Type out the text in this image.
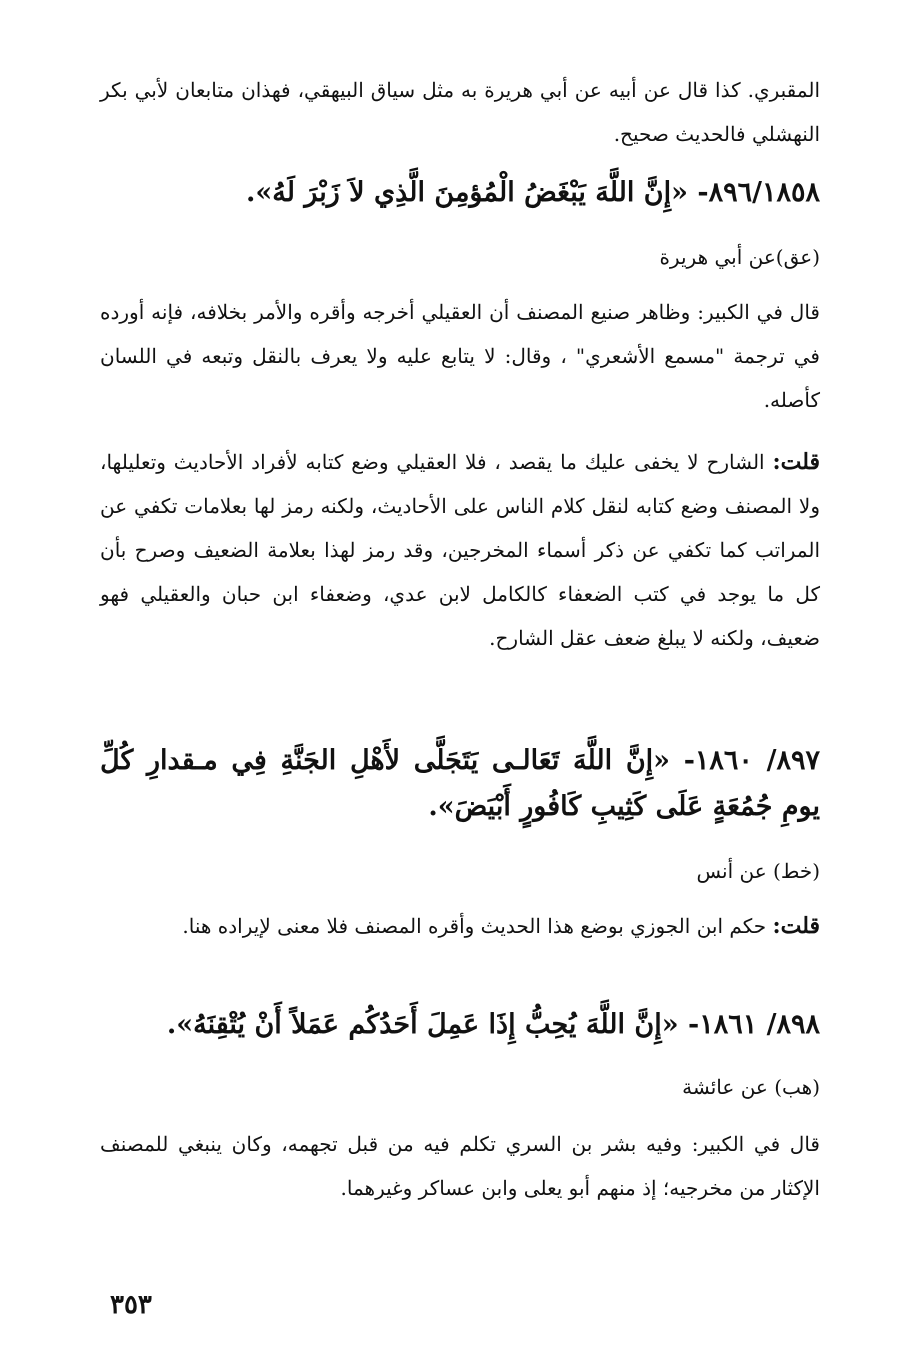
المقبري. كذا قال عن أبيه عن أبي هريرة به مثل سياق البيهقي، فهذان متابعان لأبي بكر النهشلي فالحديث صحيح.
٨٩٦/١٨٥٨- «إِنَّ اللَّهَ يَبْغَضُ الْمُؤمِنَ الَّذِي لاَ زَبْرَ لَهُ».
(عق)عن أبي هريرة
قال في الكبير: وظاهر صنيع المصنف أن العقيلي أخرجه وأقره والأمر بخلافه، فإنه أورده في ترجمة "مسمع الأشعري" ، وقال: لا يتابع عليه ولا يعرف بالنقل وتبعه في اللسان كأصله.
قلت: الشارح لا يخفى عليك ما يقصد ، فلا العقيلي وضع كتابه لأفراد الأحاديث وتعليلها، ولا المصنف وضع كتابه لنقل كلام الناس على الأحاديث، ولكنه رمز لها بعلامات تكفي عن المراتب كما تكفي عن ذكر أسماء المخرجين، وقد رمز لهذا بعلامة الضعيف وصرح بأن كل ما يوجد في كتب الضعفاء كالكامل لابن عدي، وضعفاء ابن حبان والعقيلي فهو ضعيف، ولكنه لا يبلغ ضعف عقل الشارح.
٨٩٧/ ١٨٦٠- «إِنَّ اللَّهَ تَعَالـى يَتَجَلَّى لأَهْلِ الجَنَّةِ فِي مـقدارِ كُلِّ يومِ جُمُعَةٍ عَلَى كَثِيبِ كَافُورٍ أَبْيَضَ».
(خط) عن أنس
قلت: حكم ابن الجوزي بوضع هذا الحديث وأقره المصنف فلا معنى لإيراده هنا.
٨٩٨/ ١٨٦١- «إِنَّ اللَّهَ يُحِبُّ إِذَا عَمِلَ أَحَدُكُم عَمَلاً أَنْ يُتْقِنَهُ».
(هب) عن عائشة
قال في الكبير: وفيه بشر بن السري تكلم فيه من قبل تجهمه، وكان ينبغي للمصنف الإكثار من مخرجيه؛ إذ منهم أبو يعلى وابن عساكر وغيرهما.
٣٥٣
